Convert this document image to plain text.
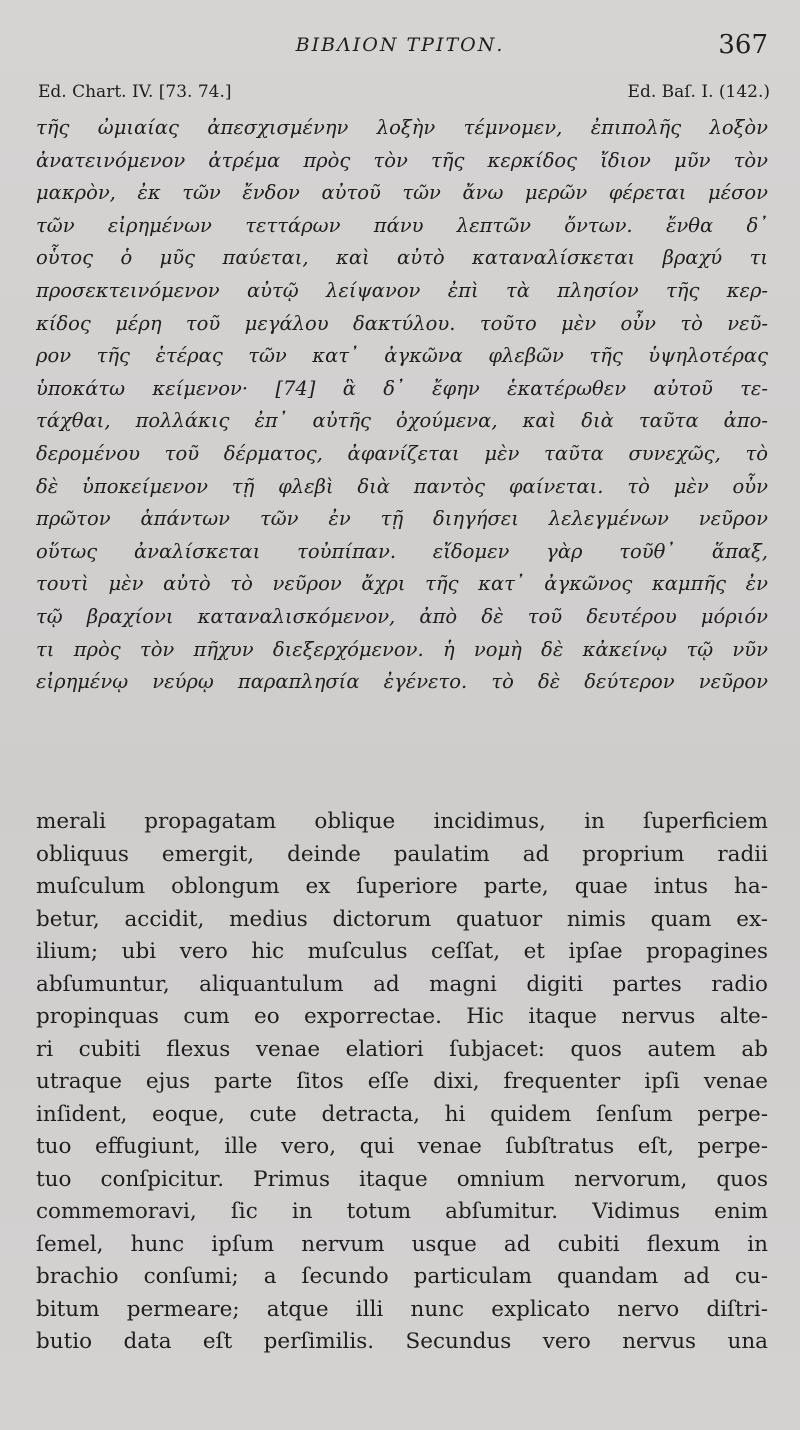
ΒΙΒΛΙΟΝ ΤΡΙΤΟΝ.	367
Ed. Chart. IV. [73. 74.]	Ed. Baſ. I. (142.)
τῆς ὠμιαίας ἀπεσχισμένην λοξὴν τέμνομεν, ἐπιπολῆς λοξὸν
ἀνατεινόμενον ἀτρέμα πρὸς τὸν τῆς κερκίδος ἴδιον μῦν τὸν
μακρὸν, ἐκ τῶν ἔνδον αὐτοῦ τῶν ἄνω μερῶν φέρεται μέσον
τῶν εἰρημένων τεττάρων πάνυ λεπτῶν ὄντων. ἔνθα δ᾽
οὗτος ὁ μῦς παύεται, καὶ αὐτὸ καταναλίσκεται βραχύ τι
προσεκτεινόμενον αὐτῷ λείψανον ἐπὶ τὰ πλησίον τῆς κερ-
κίδος μέρη τοῦ μεγάλου δακτύλου. τοῦτο μὲν οὖν τὸ νεῦ-
ρον τῆς ἑτέρας τῶν κατ᾽ ἀγκῶνα φλεβῶν τῆς ὑψηλοτέρας
ὑποκάτω κείμενον· [74] ἃ δ᾽ ἔφην ἑκατέρωθεν αὐτοῦ τε-
τάχθαι, πολλάκις ἐπ᾽ αὐτῆς ὀχούμενα, καὶ διὰ ταῦτα ἀπο-
δερομένου τοῦ δέρματος, ἀφανίζεται μὲν ταῦτα συνεχῶς, τὸ
δὲ ὑποκείμενον τῇ φλεβὶ διὰ παντὸς φαίνεται. τὸ μὲν οὖν
πρῶτον ἁπάντων τῶν ἐν τῇ διηγήσει λελεγμένων νεῦρον
οὕτως ἀναλίσκεται τοὐπίπαν. εἴδομεν γὰρ τοῦθ᾽ ἅπαξ,
τουτὶ μὲν αὐτὸ τὸ νεῦρον ἄχρι τῆς κατ᾽ ἀγκῶνος καμπῆς ἐν
τῷ βραχίονι καταναλισκόμενον, ἀπὸ δὲ τοῦ δευτέρου μόριόν
τι πρὸς τὸν πῆχυν διεξερχόμενον. ἡ νομὴ δὲ κἀκείνῳ τῷ νῦν
εἰρημένῳ νεύρῳ παραπλησία ἐγένετο. τὸ δὲ δεύτερον νεῦρον
merali propagatam oblique incidimus, in ſuperficiem
obliquus emergit, deinde paulatim ad proprium radii
muſculum oblongum ex ſuperiore parte, quae intus ha-
betur, accidit, medius dictorum quatuor nimis quam ex-
ilium; ubi vero hic muſculus ceſſat, et ipſae propagines
abſumuntur, aliquantulum ad magni digiti partes radio
propinquas cum eo exporrectae. Hic itaque nervus alte-
ri cubiti flexus venae elatiori ſubjacet: quos autem ab
utraque ejus parte ſitos eſſe dixi, frequenter ipſi venae
inſident, eoque, cute detracta, hi quidem ſenſum perpe-
tuo effugiunt, ille vero, qui venae ſubſtratus eſt, perpe-
tuo conſpicitur. Primus itaque omnium nervorum, quos
commemoravi, ſic in totum abſumitur. Vidimus enim
ſemel, hunc ipſum nervum usque ad cubiti flexum in
brachio conſumi; a ſecundo particulam quandam ad cu-
bitum permeare; atque illi nunc explicato nervo diſtri-
butio data eſt perſimilis. Secundus vero nervus una
